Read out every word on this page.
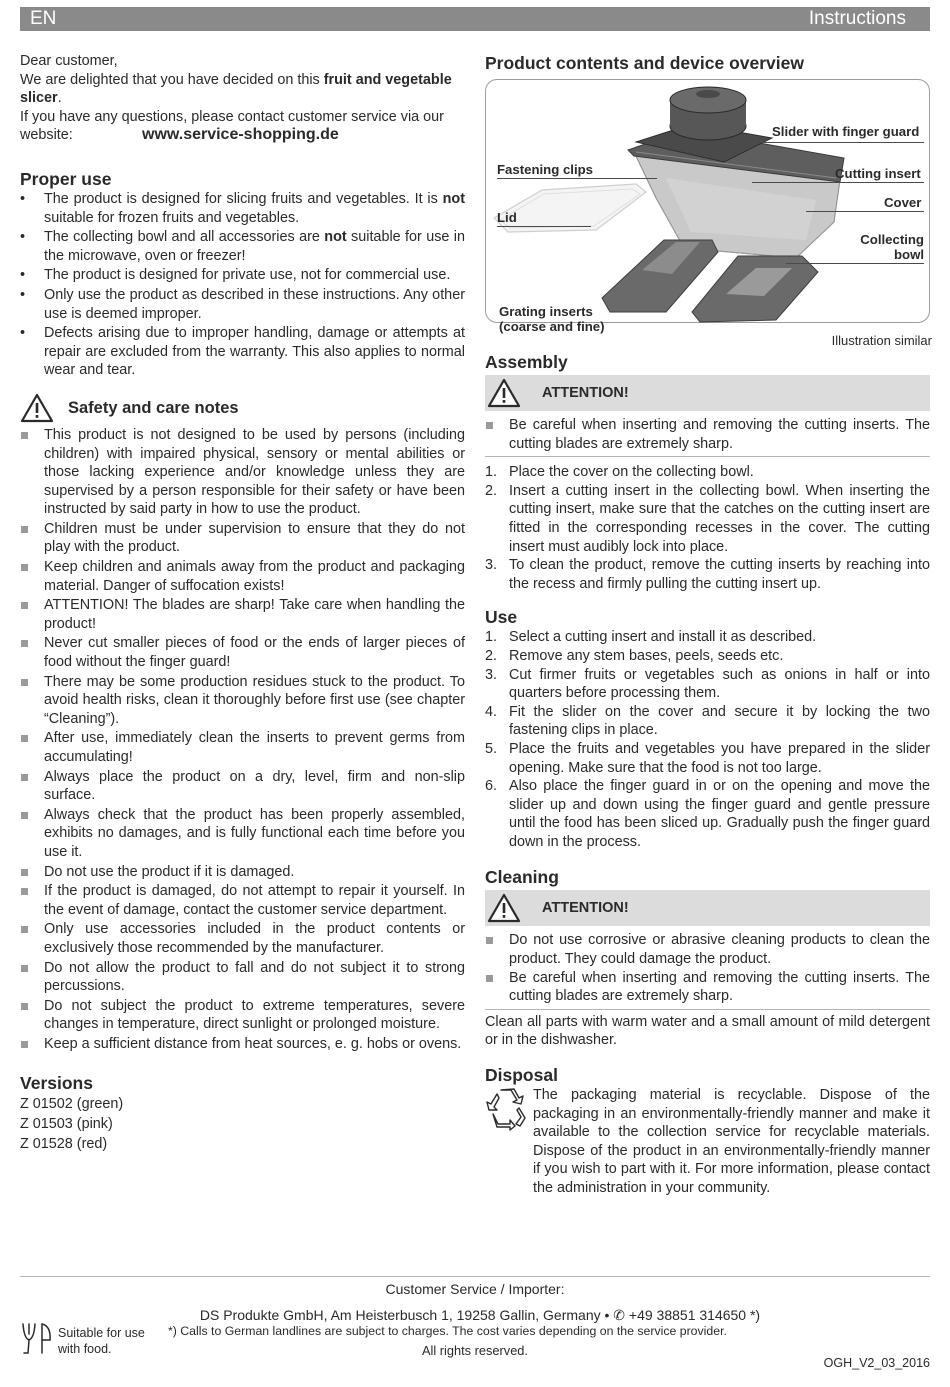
EN	Instructions
Dear customer,
We are delighted that you have decided on this fruit and vegetable slicer.
If you have any questions, please contact customer service via our website:	www.service-shopping.de
Proper use
•	The product is designed for slicing fruits and vegetables. It is not suitable for frozen fruits and vegetables.
•	The collecting bowl and all accessories are not suitable for use in the microwave, oven or freezer!
•	The product is designed for private use, not for commercial use.
•	Only use the product as described in these instructions. Any other use is deemed improper.
•	Defects arising due to improper handling, damage or attempts at repair are excluded from the warranty. This also applies to normal wear and tear.
Safety and care notes
This product is not designed to be used by persons (including children) with impaired physical, sensory or mental abilities or those lacking experience and/or knowledge unless they are supervised by a person responsible for their safety or have been instructed by said party in how to use the product.
Children must be under supervision to ensure that they do not play with the product.
Keep children and animals away from the product and packaging material. Danger of suffocation exists!
ATTENTION! The blades are sharp! Take care when handling the product!
Never cut smaller pieces of food or the ends of larger pieces of food without the finger guard!
There may be some production residues stuck to the product. To avoid health risks, clean it thoroughly before first use (see chapter “Cleaning”).
After use, immediately clean the inserts to prevent germs from accumulating!
Always place the product on a dry, level, firm and non-slip surface.
Always check that the product has been properly assembled, exhibits no damages, and is fully functional each time before you use it.
Do not use the product if it is damaged.
If the product is damaged, do not attempt to repair it yourself. In the event of damage, contact the customer service department.
Only use accessories included in the product contents or exclusively those recommended by the manufacturer.
Do not allow the product to fall and do not subject it to strong percussions.
Do not subject the product to extreme temperatures, severe changes in temperature, direct sunlight or prolonged moisture.
Keep a sufficient distance from heat sources, e. g. hobs or ovens.
Versions
Z 01502 (green)
Z 01503 (pink)
Z 01528 (red)
Product contents and device overview
Slider with finger guard
Fastening clips	Cutting insert
Cover
Lid
Collecting
bowl
Grating inserts
(coarse and fine)
Illustration similar
Assembly
ATTENTION!
Be careful when inserting and removing the cutting inserts. The cutting blades are extremely sharp.
1. Place the cover on the collecting bowl.
2. Insert a cutting insert in the collecting bowl. When inserting the cutting insert, make sure that the catches on the cutting insert are fitted in the corresponding recesses in the cover. The cutting insert must audibly lock into place.
3. To clean the product, remove the cutting inserts by reaching into the recess and firmly pulling the cutting insert up.
Use
1. Select a cutting insert and install it as described.
2. Remove any stem bases, peels, seeds etc.
3. Cut firmer fruits or vegetables such as onions in half or into quarters before processing them.
4. Fit the slider on the cover and secure it by locking the two fastening clips in place.
5. Place the fruits and vegetables you have prepared in the slider opening. Make sure that the food is not too large.
6. Also place the finger guard in or on the opening and move the slider up and down using the finger guard and gentle pressure until the food has been sliced up. Gradually push the finger guard down in the process.
Cleaning
ATTENTION!
Do not use corrosive or abrasive cleaning products to clean the product. They could damage the product.
Be careful when inserting and removing the cutting inserts. The cutting blades are extremely sharp.
Clean all parts with warm water and a small amount of mild detergent or in the dishwasher.
Disposal
The packaging material is recyclable. Dispose of the packaging in an environmentally-friendly manner and make it available to the collection service for recyclable materials. Dispose of the product in an environmentally-friendly manner if you wish to part with it. For more information, please contact the administration in your community.
Customer Service / Importer:
DS Produkte GmbH, Am Heisterbusch 1, 19258 Gallin, Germany • ✆ +49 38851 314650 *)
*) Calls to German landlines are subject to charges. The cost varies depending on the service provider.
All rights reserved.
Suitable for use
with food.
OGH_V2_03_2016
